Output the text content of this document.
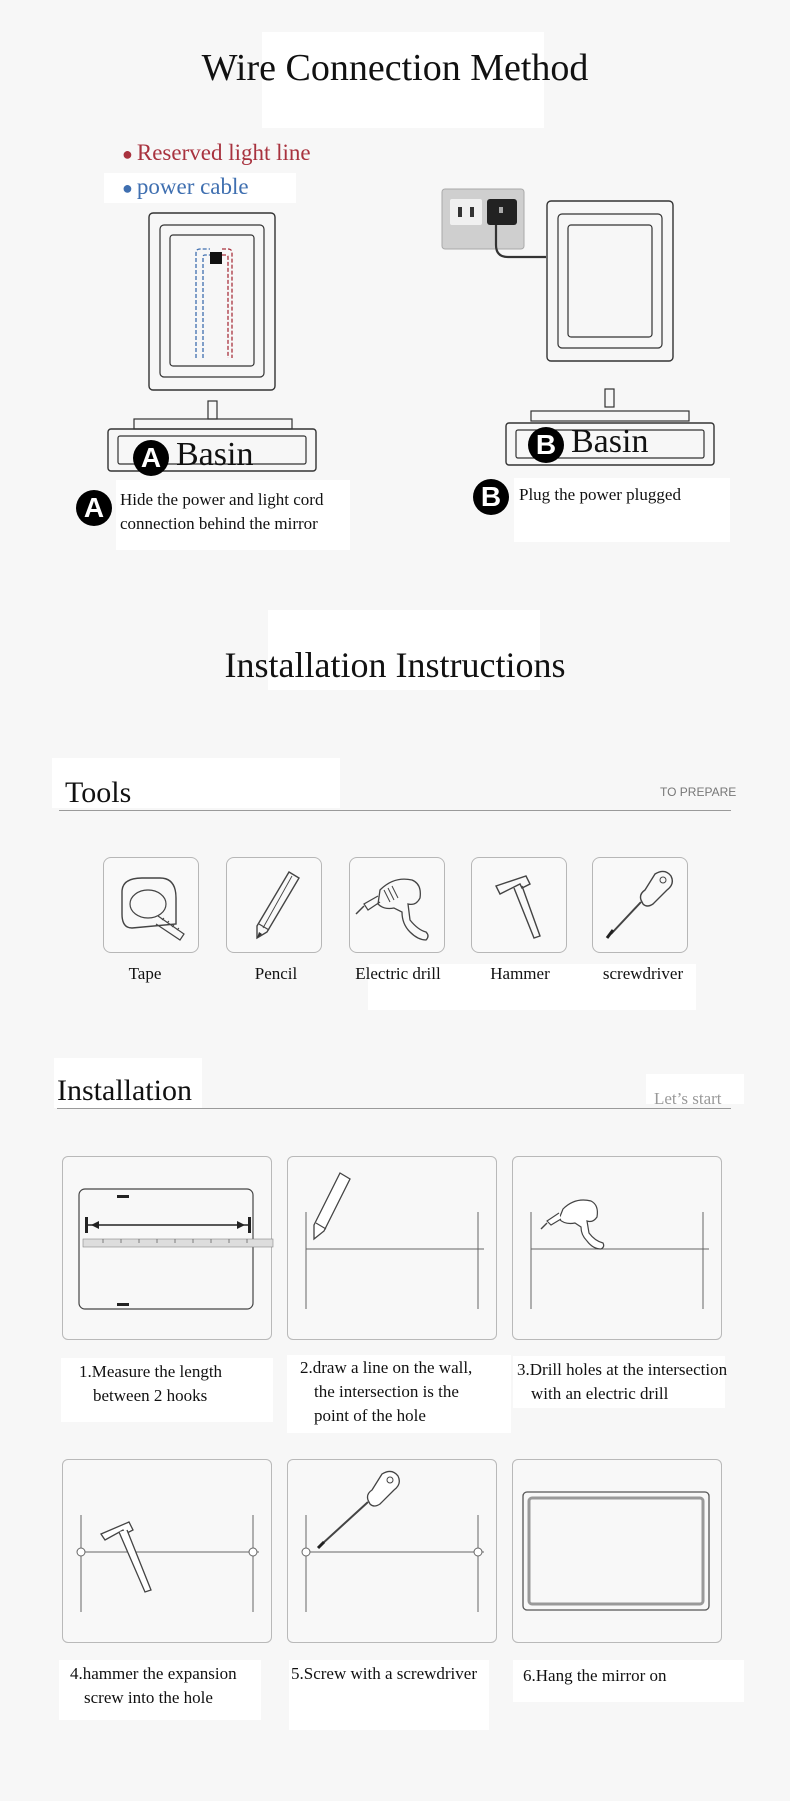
Wire Connection Method
● Reserved light line
● power cable
A Basin	B Basin
A Hide the power and light cord
connection behind the mirror
B	Plug the power plugged
Installation Instructions
Tools	TO PREPARE
Tape	Pencil	Electric drill	Hammer	screwdriver
Installation	Let’s start
1.Measure the length
between 2 hooks
2.draw a line on the wall,
the intersection is the
point of the hole
3.Drill holes at the intersection
with an electric drill
4.hammer the expansion
screw into the hole
5.Screw with a screwdriver	6.Hang the mirror on
